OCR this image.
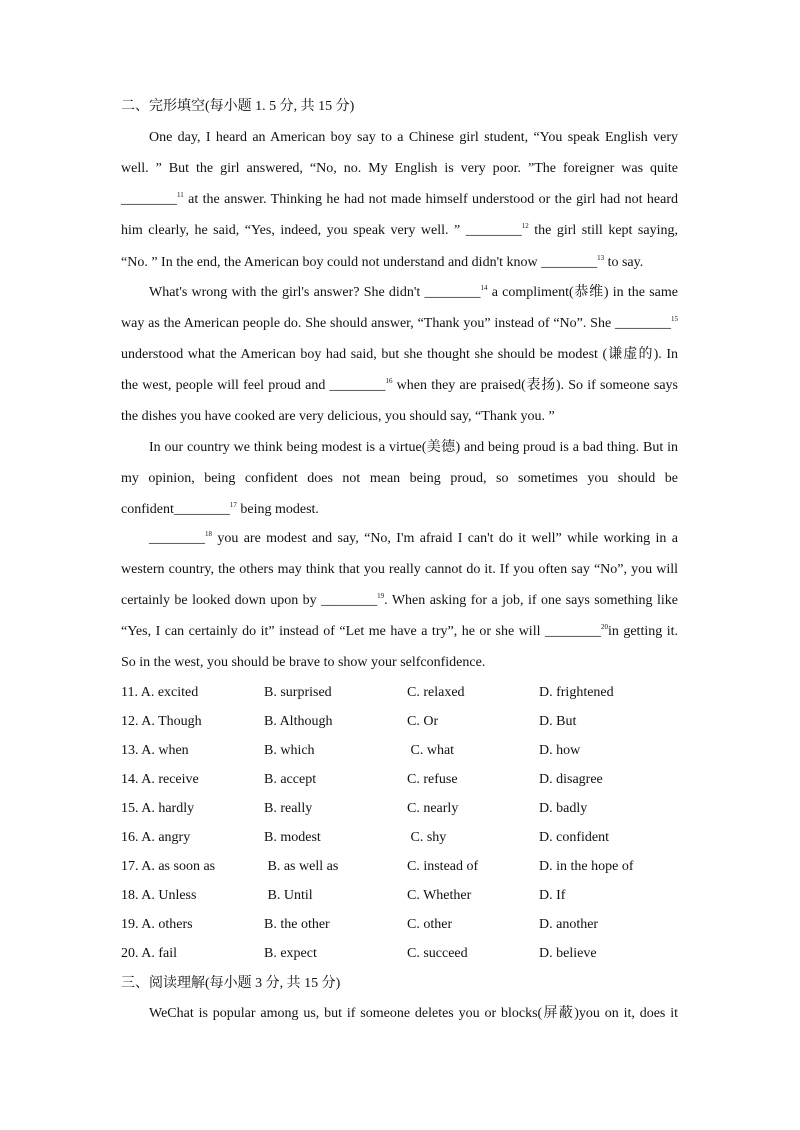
二、完形填空(每小题 1. 5 分, 共 15 分)
One day, I heard an American boy say to a Chinese girl student, “You speak English very
well. ” But the girl answered, “No, no. My English is very poor. ”The foreigner was quite
________$^{11}$ at the answer. Thinking he had not made himself understood or the girl had not heard
him clearly, he said, “Yes, indeed, you speak very well. ” ________$^{12}$ the girl still kept saying,
“No. ” In the end, the American boy could not understand and didn't know ________$^{13}$ to say.
What's wrong with the girl's answer? She didn't ________$^{14}$ a compliment(恭维) in the same
way as the American people do. She should answer, “Thank you” instead of “No”. She ________$^{15}$
understood what the American boy had said, but she thought she should be modest (谦虚的). In
the west, people will feel proud and ________$^{16}$ when they are praised(表扬). So if someone says
the dishes you have cooked are very delicious, you should say, “Thank you. ”
In our country we think being modest is a virtue(美德) and being proud is a bad thing. But in
my opinion, being confident does not mean being proud, so sometimes you should be
confident________$^{17}$ being modest.
________$^{18}$ you are modest and say, “No, I'm afraid I can't do it well” while working in a
western country, the others may think that you really cannot do it. If you often say “No”, you will
certainly be looked down upon by ________$^{19}$. When asking for a job, if one says something like
“Yes, I can certainly do it” instead of “Let me have a try”, he or she will ________$^{20}$in getting it.
So in the west, you should be brave to show your selfconfidence.
11. A. excited	B. surprised	C. relaxed	D. frightened
12. A. Though	B. Although	C. Or	D. But
13. A. when	B. which	C. what	D. how
14. A. receive	B. accept	C. refuse	D. disagree
15. A. hardly	B. really	C. nearly	D. badly
16. A. angry	B. modest	C. shy	D. confident
17. A. as soon as	B. as well as	C. instead of	D. in the hope of
18. A. Unless	B. Until	C. Whether	D. If
19. A. others	B. the other	C. other	D. another
20. A. fail	B. expect	C. succeed	D. believe
三、阅读理解(每小题 3 分, 共 15 分)
WeChat is popular among us, but if someone deletes you or blocks(屏蔽)you on it, does it
